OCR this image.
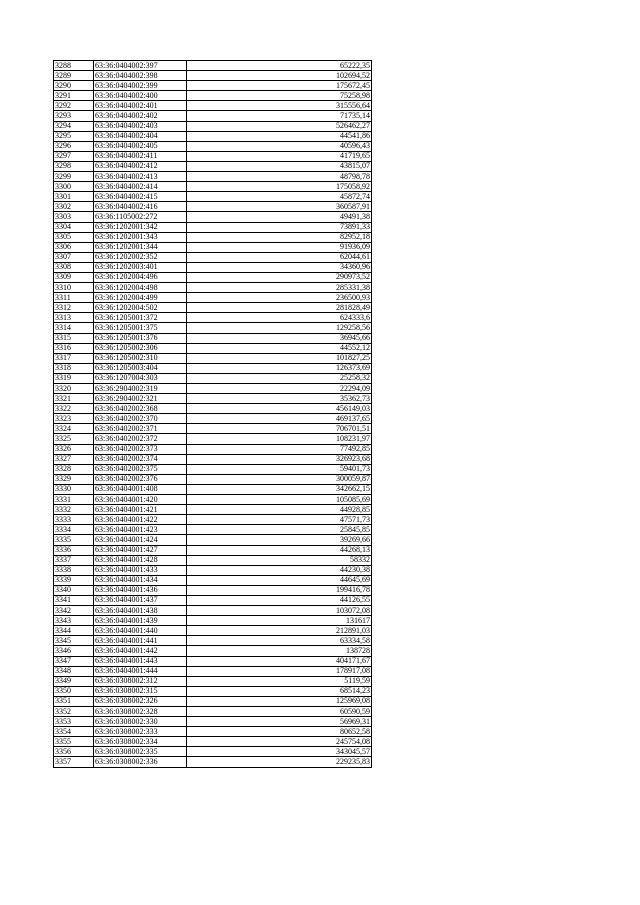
3288	63:36:0404002:397	65222,35
3289	63:36:0404002:398	102694,52
3290	63:36:0404002:399	175672,45
3291	63:36:0404002:400	75258,98
3292	63:36:0404002:401	315556,64
3293	63:36:0404002:402	71735,14
3294	63:36:0404002:403	526462,27
3295	63:36:0404002:404	44541,86
3296	63:36:0404002:405	40596,43
3297	63:36:0404002:411	41719,65
3298	63:36:0404002:412	43815,07
3299	63:36:0404002:413	48798,78
3300	63:36:0404002:414	175058,92
3301	63:36:0404002:415	45872,74
3302	63:36:0404002:416	360587,91
3303	63:36:1105002:272	49491,38
3304	63:36:1202001:342	73891,33
3305	63:36:1202001:343	82952,18
3306	63:36:1202001:344	91936,09
3307	63:36:1202002:352	62044,61
3308	63:36:1202003:401	34360,96
3309	63:36:1202004:496	290973,52
3310	63:36:1202004:498	285331,38
3311	63:36:1202004:499	236500,93
3312	63:36:1202004:502	281828,49
3313	63:36:1205001:372	624333,6
3314	63:36:1205001:375	129258,56
3315	63:36:1205001:376	36945,66
3316	63:36:1205002:306	44552,12
3317	63:36:1205002:310	101827,25
3318	63:36:1205003:404	126373,69
3319	63:36:1207004:303	25258,32
3320	63:36:2904002:319	22294,09
3321	63:36:2904002:321	35362,73
3322	63:36:0402002:368	456149,03
3323	63:36:0402002:370	469137,65
3324	63:36:0402002:371	706701,51
3325	63:36:0402002:372	108231,97
3326	63:36:0402002:373	77492,85
3327	63:36:0402002:374	326923,68
3328	63:36:0402002:375	59401,73
3329	63:36:0402002:376	300059,87
3330	63:36:0404001:408	342662,15
3331	63:36:0404001:420	105085,69
3332	63:36:0404001:421	44928,85
3333	63:36:0404001:422	47571,73
3334	63:36:0404001:423	25845,85
3335	63:36:0404001:424	39269,66
3336	63:36:0404001:427	44268,13
3337	63:36:0404001:428	58332
3338	63:36:0404001:433	44230,38
3339	63:36:0404001:434	44645,69
3340	63:36:0404001:436	199416,78
3341	63:36:0404001:437	44126,55
3342	63:36:0404001:438	103072,08
3343	63:36:0404001:439	131617
3344	63:36:0404001:440	212891,03
3345	63:36:0404001:441	63334,58
3346	63:36:0404001:442	138728
3347	63:36:0404001:443	404171,67
3348	63:36:0404001:444	178917,08
3349	63:36:0308002:312	5119,59
3350	63:36:0308002:315	68514,23
3351	63:36:0308002:326	125969,08
3352	63:36:0308002:328	60590,59
3353	63:36:0308002:330	56969,31
3354	63:36:0308002:333	80652,58
3355	63:36:0308002:334	245754,08
3356	63:36:0308002:335	343045,57
3357	63:36:0308002:336	229235,83
